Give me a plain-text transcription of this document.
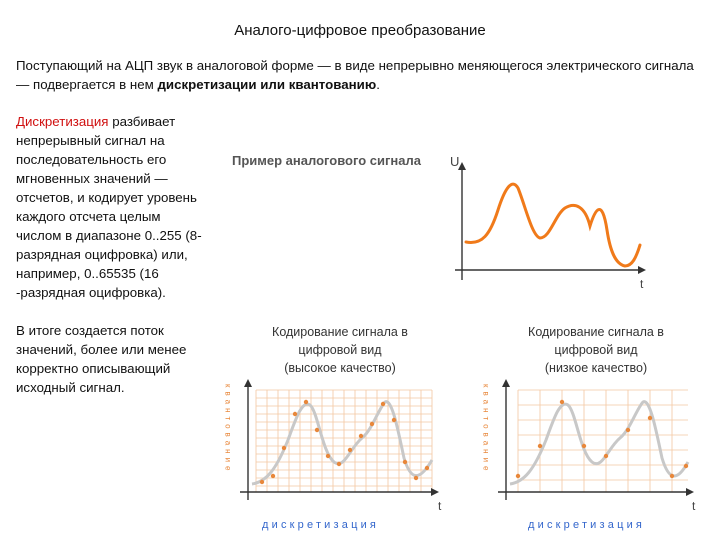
Аналого-цифровое преобразование
Поступающий на АЦП звук в аналоговой форме — в виде непрерывно меняющегося электрического сигнала — подвергается в нем дискретизации или квантованию.

Дискретизация разбивает непрерывный сигнал на последовательность его мгновенных значений — отсчетов, и кодирует уровень каждого отсчета целым числом в диапазоне 0..255 (8- разрядная оцифровка) или, например, 0..65535 (16 -разрядная оцифровка).

В итоге создается поток значений, более или менее корректно описывающий исходный сигнал.

Пример аналогового сигнала U
t
Кодирование сигнала в
цифровой вид
(высокое качество)
t
квантование
дискретизация
Кодирование сигнала в
цифровой вид
(низкое качество)
t
квантование
дискретизация
